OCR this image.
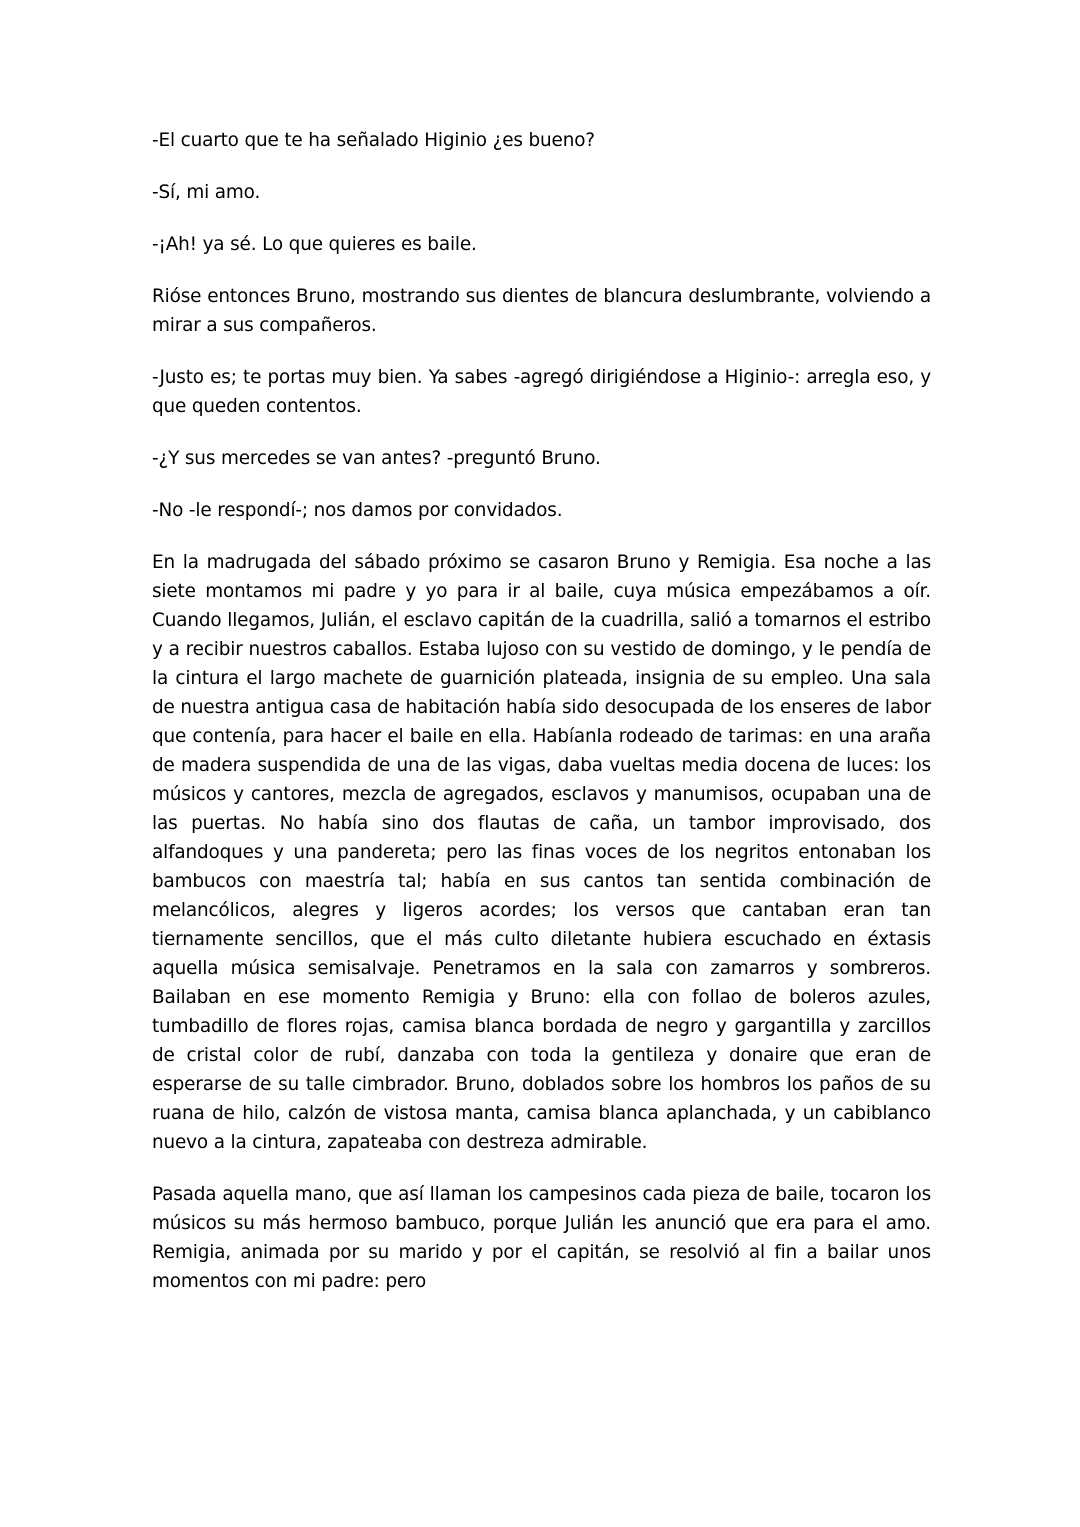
-El cuarto que te ha señalado Higinio ¿es bueno?

-Sí, mi amo.

-¡Ah! ya sé. Lo que quieres es baile.

Rióse entonces Bruno, mostrando sus dientes de blancura deslumbrante, volviendo a mirar a sus compañeros.

-Justo es; te portas muy bien. Ya sabes -agregó dirigiéndose a Higinio-: arregla eso, y que queden contentos.

-¿Y sus mercedes se van antes? -preguntó Bruno.

-No -le respondí-; nos damos por convidados.

En la madrugada del sábado próximo se casaron Bruno y Remigia. Esa noche a las siete montamos mi padre y yo para ir al baile, cuya música empezábamos a oír. Cuando llegamos, Julián, el esclavo capitán de la cuadrilla, salió a tomarnos el estribo y a recibir nuestros caballos. Estaba lujoso con su vestido de domingo, y le pendía de la cintura el largo machete de guarnición plateada, insignia de su empleo. Una sala de nuestra antigua casa de habitación había sido desocupada de los enseres de labor que contenía, para hacer el baile en ella. Habíanla rodeado de tarimas: en una araña de madera suspendida de una de las vigas, daba vueltas media docena de luces: los músicos y cantores, mezcla de agregados, esclavos y manumisos, ocupaban una de las puertas. No había sino dos flautas de caña, un tambor improvisado, dos alfandoques y una pandereta; pero las finas voces de los negritos entonaban los bambucos con maestría tal; había en sus cantos tan sentida combinación de melancólicos, alegres y ligeros acordes; los versos que cantaban eran tan tiernamente sencillos, que el más culto diletante hubiera escuchado en éxtasis aquella música semisalvaje. Penetramos en la sala con zamarros y sombreros. Bailaban en ese momento Remigia y Bruno: ella con follao de boleros azules, tumbadillo de flores rojas, camisa blanca bordada de negro y gargantilla y zarcillos de cristal color de rubí, danzaba con toda la gentileza y donaire que eran de esperarse de su talle cimbrador. Bruno, doblados sobre los hombros los paños de su ruana de hilo, calzón de vistosa manta, camisa blanca aplanchada, y un cabiblanco nuevo a la cintura, zapateaba con destreza admirable.

Pasada aquella mano, que así llaman los campesinos cada pieza de baile, tocaron los músicos su más hermoso bambuco, porque Julián les anunció que era para el amo. Remigia, animada por su marido y por el capitán, se resolvió al fin a bailar unos momentos con mi padre: pero
